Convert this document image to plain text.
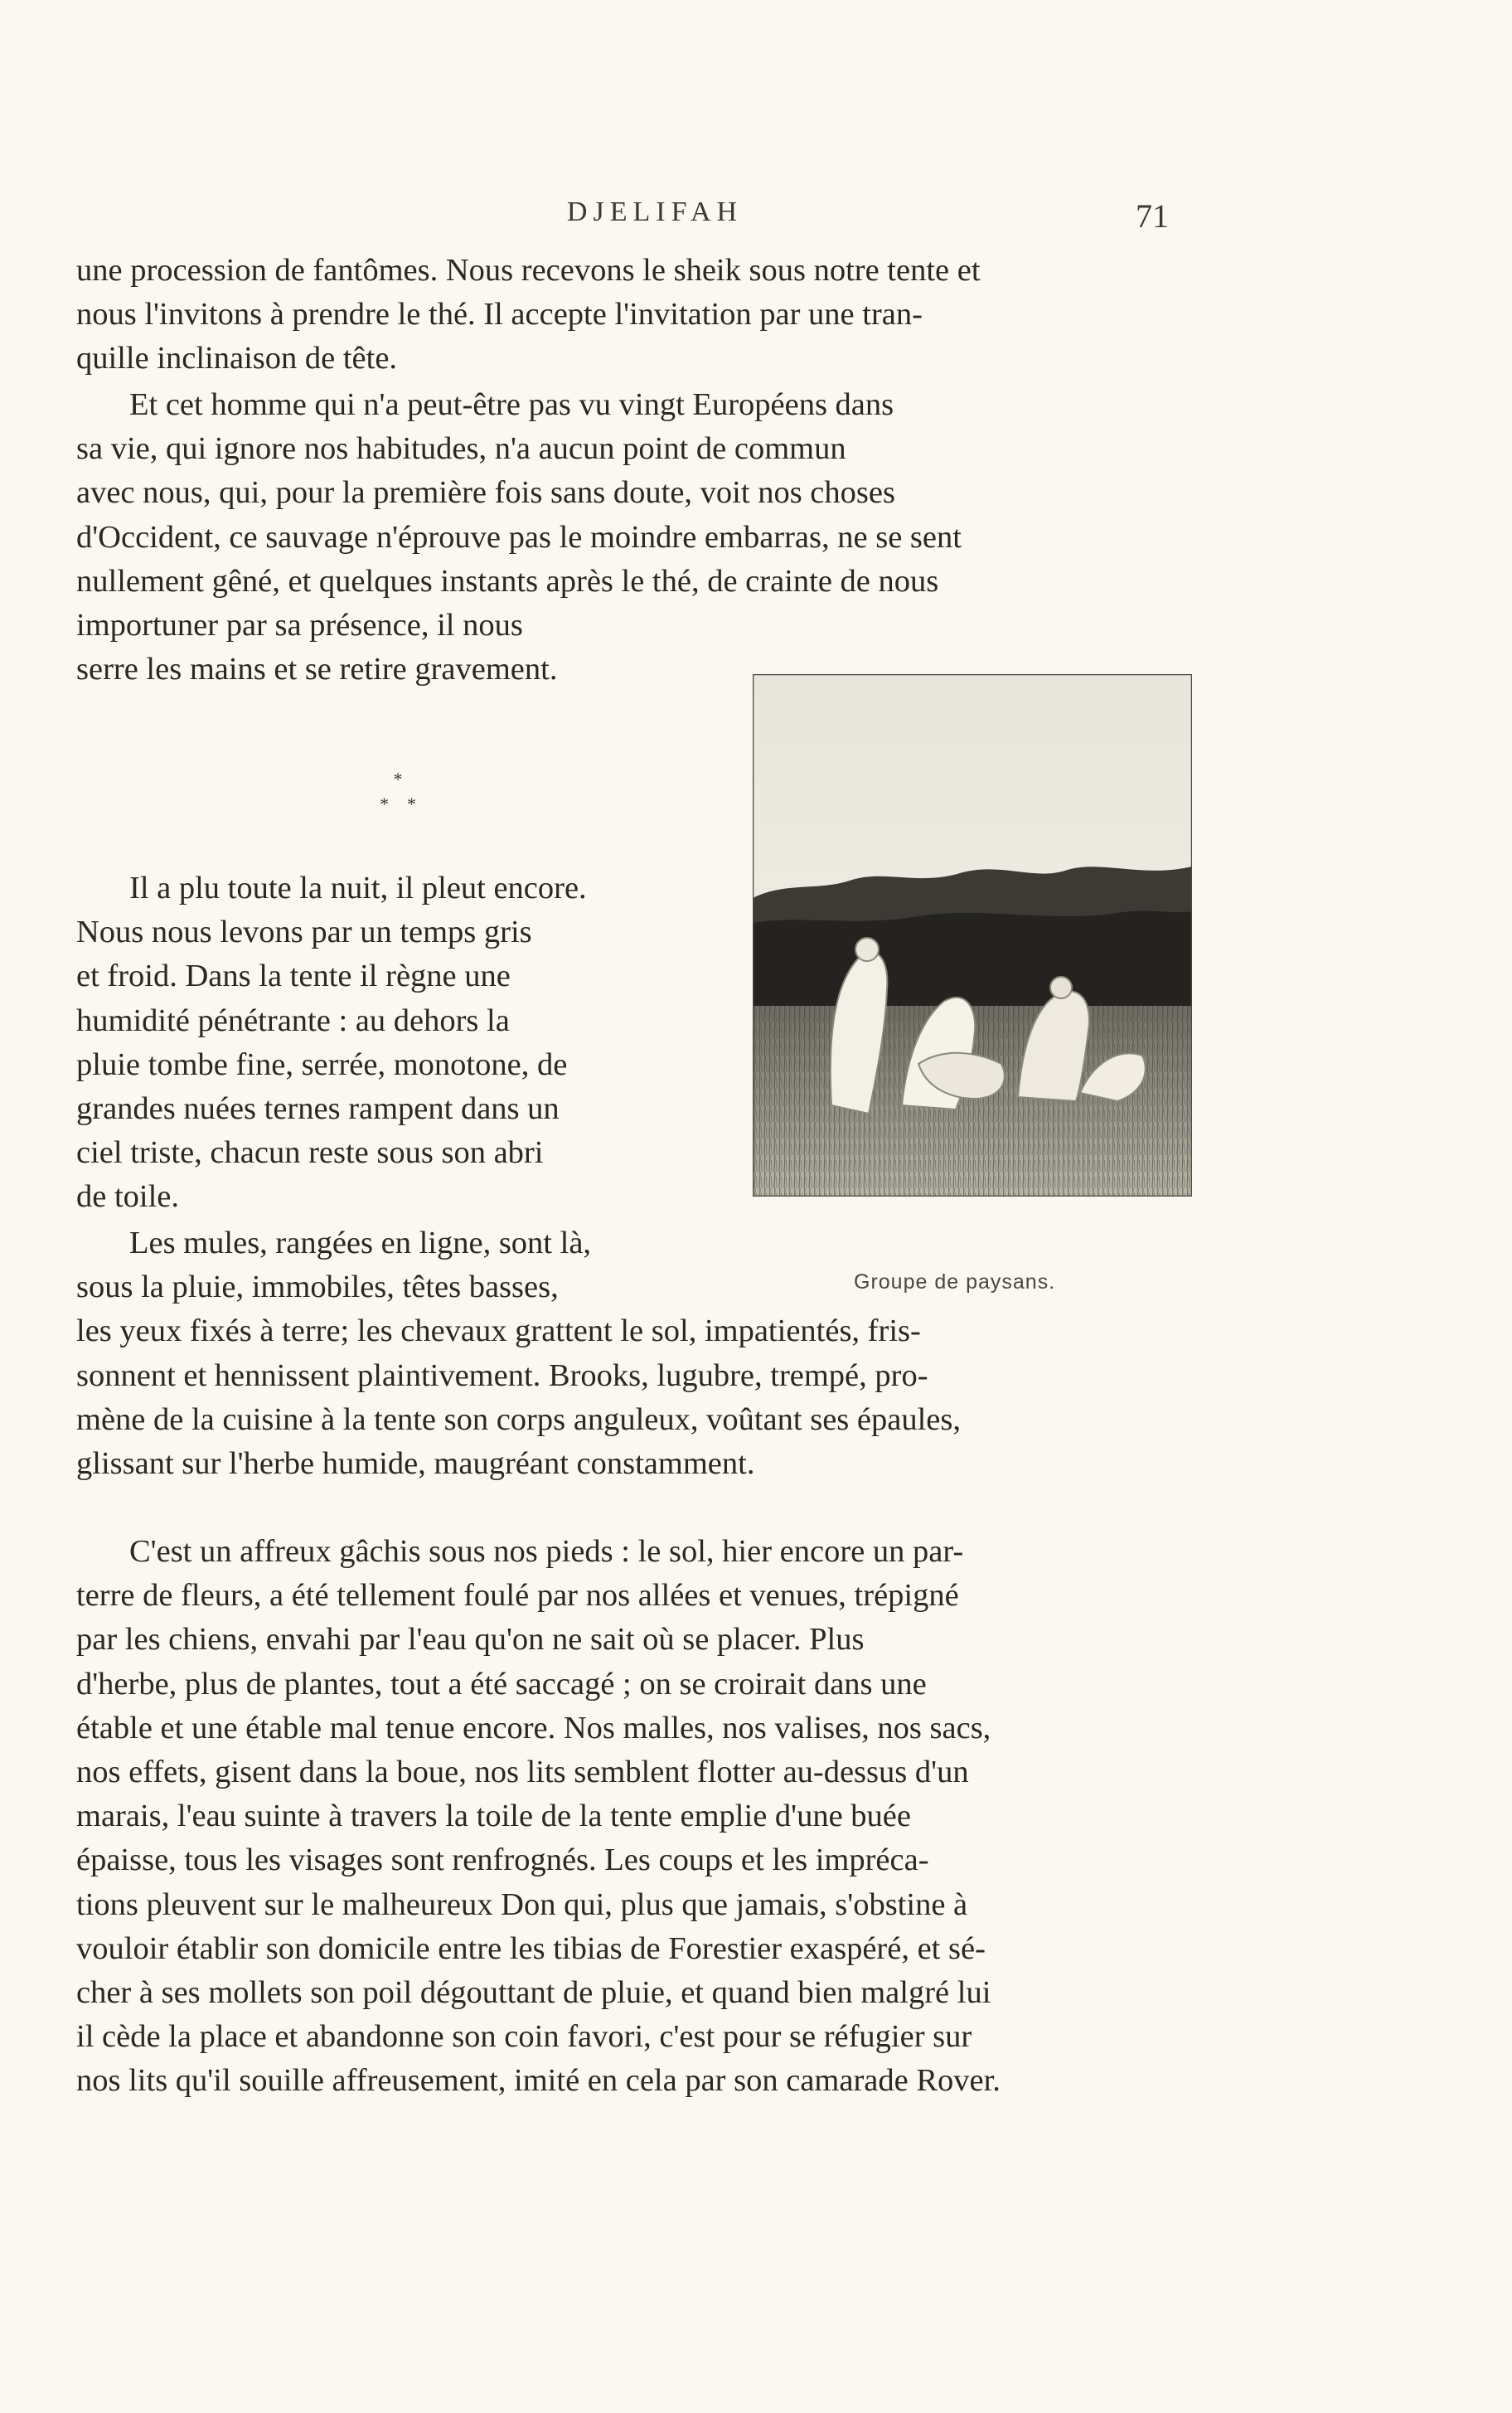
DJELIFAH	71

une procession de fantômes. Nous recevons le sheik sous notre tente et

nous l'invitons à prendre le thé. Il accepte l'invitation par une tran-

quille inclinaison de tête.

Et cet homme qui n'a peut-être pas vu vingt Européens dans

sa vie, qui ignore nos habitudes, n'a aucun point de commun

avec nous, qui, pour la première fois sans doute, voit nos choses

d'Occident, ce sauvage n'éprouve pas le moindre embarras, ne se sent

nullement gêné, et quelques instants après le thé, de crainte de nous

importuner par sa présence, il nous

serre les mains et se retire gravement.

*
*    *
Groupe de paysans.

Il a plu toute la nuit, il pleut encore.

Nous nous levons par un temps gris

et froid. Dans la tente il règne une

humidité pénétrante : au dehors la

pluie tombe fine, serrée, monotone, de

grandes nuées ternes rampent dans un

ciel triste, chacun reste sous son abri

de toile.

Les mules, rangées en ligne, sont là,

sous la pluie, immobiles, têtes basses,

les yeux fixés à terre; les chevaux grattent le sol, impatientés, fris-

sonnent et hennissent plaintivement. Brooks, lugubre, trempé, pro-

mène de la cuisine à la tente son corps anguleux, voûtant ses épaules,

glissant sur l'herbe humide, maugréant constamment.

C'est un affreux gâchis sous nos pieds : le sol, hier encore un par-

terre de fleurs, a été tellement foulé par nos allées et venues, trépigné

par les chiens, envahi par l'eau qu'on ne sait où se placer. Plus

d'herbe, plus de plantes, tout a été saccagé ; on se croirait dans une

étable et une étable mal tenue encore. Nos malles, nos valises, nos sacs,

nos effets, gisent dans la boue, nos lits semblent flotter au-dessus d'un

marais, l'eau suinte à travers la toile de la tente emplie d'une buée

épaisse, tous les visages sont renfrognés. Les coups et les impréca-

tions pleuvent sur le malheureux Don qui, plus que jamais, s'obstine à

vouloir établir son domicile entre les tibias de Forestier exaspéré, et sé-

cher à ses mollets son poil dégouttant de pluie, et quand bien malgré lui

il cède la place et abandonne son coin favori, c'est pour se réfugier sur

nos lits qu'il souille affreusement, imité en cela par son camarade Rover.
